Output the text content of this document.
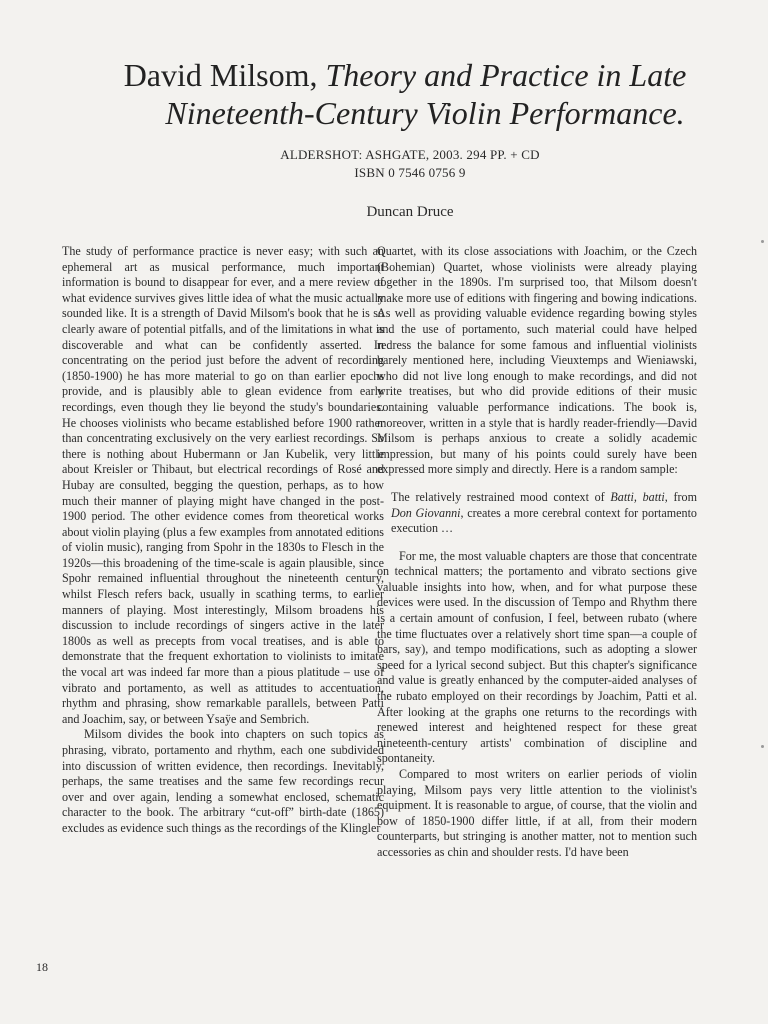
David Milsom, Theory and Practice in Late
Nineteenth-Century Violin Performance.
ALDERSHOT: ASHGATE, 2003. 294 PP. + CD
ISBN 0 7546 0756 9
Duncan Druce

The study of performance practice is never easy; with such an ephemeral art as musical performance, much important information is bound to disappear for ever, and a mere review of what evidence survives gives little idea of what the music actually sounded like. It is a strength of David Milsom's book that he is so clearly aware of potential pitfalls, and of the limitations in what is discoverable and what can be confidently asserted. In concentrating on the period just before the advent of recording (1850-1900) he has more material to go on than earlier epochs provide, and is plausibly able to glean evidence from early recordings, even though they lie beyond the study's boundaries. He chooses violinists who became established before 1900 rather than concentrating exclusively on the very earliest recordings. So there is nothing about Hubermann or Jan Kubelik, very little about Kreisler or Thibaut, but electrical recordings of Rosé and Hubay are consulted, begging the question, perhaps, as to how much their manner of playing might have changed in the post-1900 period. The other evidence comes from theoretical works about violin playing (plus a few examples from annotated editions of violin music), ranging from Spohr in the 1830s to Flesch in the 1920s—this broadening of the time-scale is again plausible, since Spohr remained influential throughout the nineteenth century, whilst Flesch refers back, usually in scathing terms, to earlier manners of playing. Most interestingly, Milsom broadens his discussion to include recordings of singers active in the later 1800s as well as precepts from vocal treatises, and is able to demonstrate that the frequent exhortation to violinists to imitate the vocal art was indeed far more than a pious platitude – use of vibrato and portamento, as well as attitudes to accentuation, rhythm and phrasing, show remarkable parallels, between Patti and Joachim, say, or between Ysaÿe and Sembrich.

Milsom divides the book into chapters on such topics as phrasing, vibrato, portamento and rhythm, each one subdivided into discussion of written evidence, then recordings. Inevitably, perhaps, the same treatises and the same few recordings recur over and over again, lending a somewhat enclosed, schematic character to the book. The arbitrary “cut-off” birth-date (1865) excludes as evidence such things as the recordings of the Klingler

Quartet, with its close associations with Joachim, or the Czech (Bohemian) Quartet, whose violinists were already playing together in the 1890s. I'm surprised too, that Milsom doesn't make more use of editions with fingering and bowing indications. As well as providing valuable evidence regarding bowing styles and the use of portamento, such material could have helped redress the balance for some famous and influential violinists barely mentioned here, including Vieuxtemps and Wieniawski, who did not live long enough to make recordings, and did not write treatises, but who did provide editions of their music containing valuable performance indications. The book is, moreover, written in a style that is hardly reader-friendly—David Milsom is perhaps anxious to create a solidly academic impression, but many of his points could surely have been expressed more simply and directly. Here is a random sample:

The relatively restrained mood context of Batti, batti, from Don Giovanni, creates a more cerebral context for portamento execution …

For me, the most valuable chapters are those that concentrate on technical matters; the portamento and vibrato sections give valuable insights into how, when, and for what purpose these devices were used. In the discussion of Tempo and Rhythm there is a certain amount of confusion, I feel, between rubato (where the time fluctuates over a relatively short time span—a couple of bars, say), and tempo modifications, such as adopting a slower speed for a lyrical second subject. But this chapter's significance and value is greatly enhanced by the computer-aided analyses of the rubato employed on their recordings by Joachim, Patti et al. After looking at the graphs one returns to the recordings with renewed interest and heightened respect for these great nineteenth-century artists' combination of discipline and spontaneity.

Compared to most writers on earlier periods of violin playing, Milsom pays very little attention to the violinist's equipment. It is reasonable to argue, of course, that the violin and bow of 1850-1900 differ little, if at all, from their modern counterparts, but stringing is another matter, not to mention such accessories as chin and shoulder rests. I'd have been

18
